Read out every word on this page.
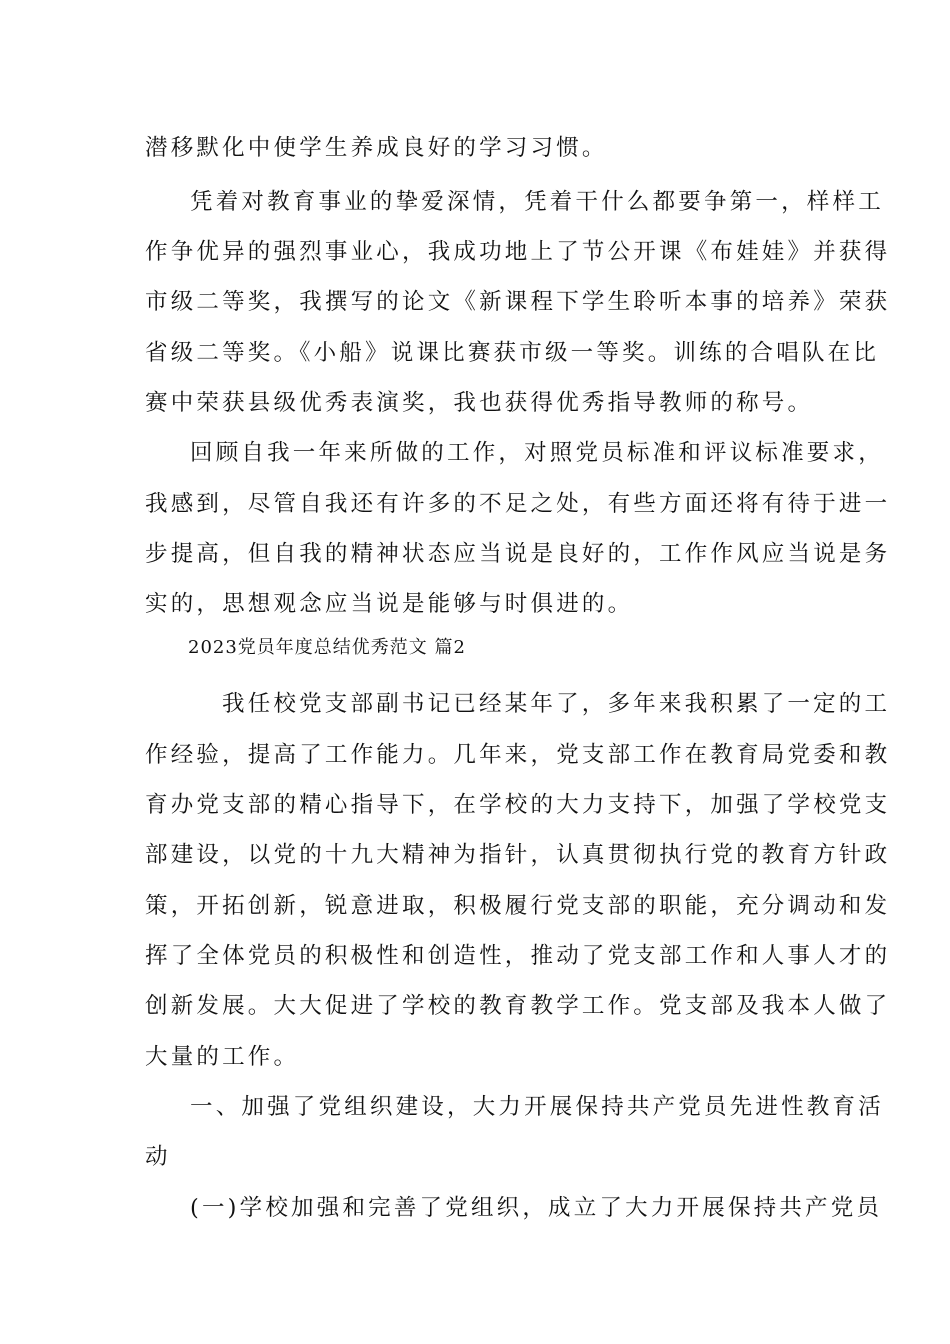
潜移默化中使学生养成良好的学习习惯。
凭着对教育事业的挚爱深情，凭着干什么都要争第一，样样工
作争优异的强烈事业心，我成功地上了节公开课《布娃娃》并获得
市级二等奖，我撰写的论文《新课程下学生聆听本事的培养》荣获
省级二等奖。《小船》说课比赛获市级一等奖。训练的合唱队在比
赛中荣获县级优秀表演奖，我也获得优秀指导教师的称号。
回顾自我一年来所做的工作，对照党员标准和评议标准要求，
我感到，尽管自我还有许多的不足之处，有些方面还将有待于进一
步提高，但自我的精神状态应当说是良好的，工作作风应当说是务
实的，思想观念应当说是能够与时俱进的。
2023党员年度总结优秀范文 篇2
我任校党支部副书记已经某年了，多年来我积累了一定的工
作经验，提高了工作能力。几年来，党支部工作在教育局党委和教
育办党支部的精心指导下，在学校的大力支持下，加强了学校党支
部建设，以党的十九大精神为指针，认真贯彻执行党的教育方针政
策，开拓创新，锐意进取，积极履行党支部的职能，充分调动和发
挥了全体党员的积极性和创造性，推动了党支部工作和人事人才的
创新发展。大大促进了学校的教育教学工作。党支部及我本人做了
大量的工作。
一、加强了党组织建设，大力开展保持共产党员先进性教育活
动
(一)学校加强和完善了党组织，成立了大力开展保持共产党员
